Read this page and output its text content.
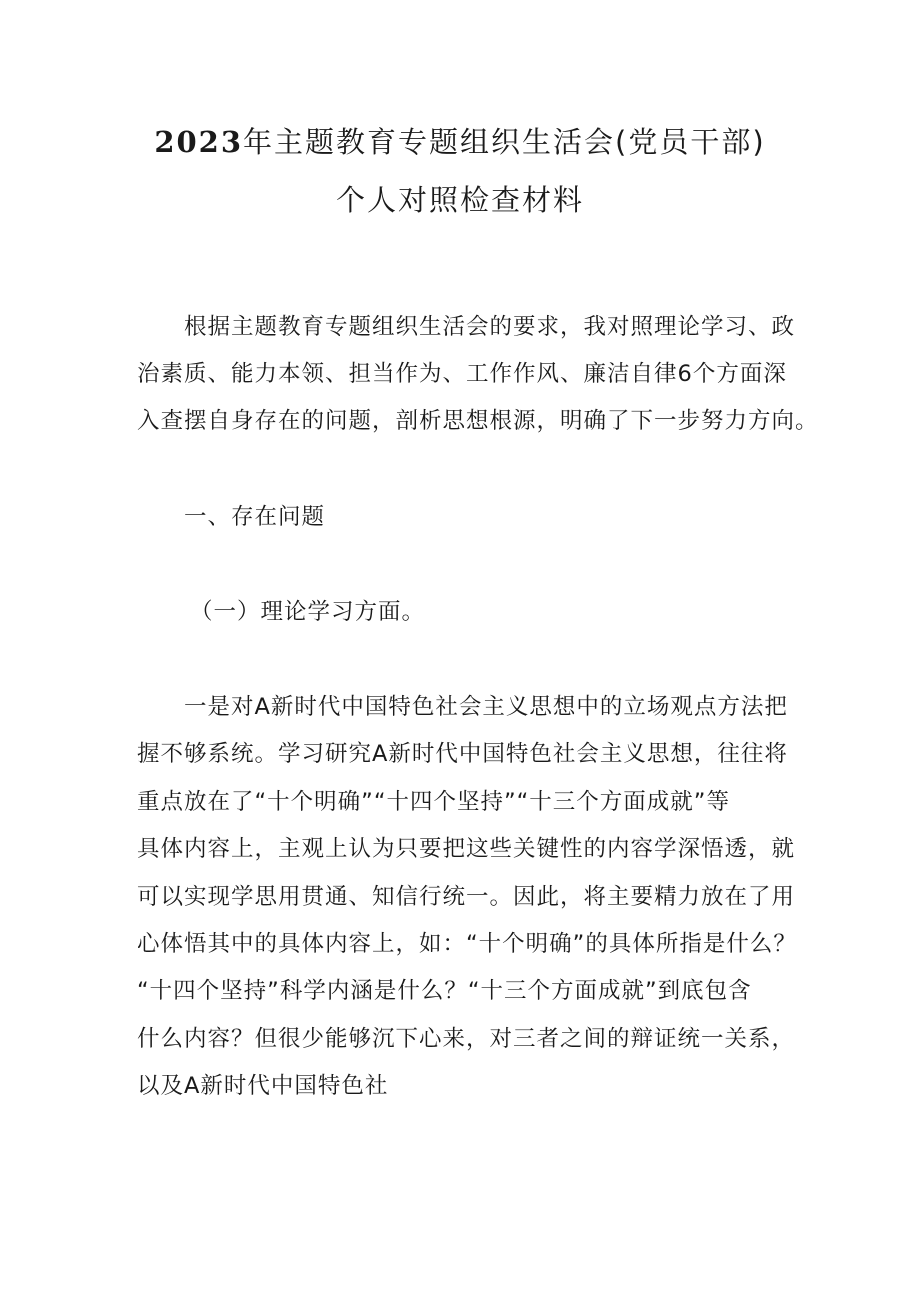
2023年主题教育专题组织生活会(党员干部)
个人对照检查材料
根据主题教育专题组织生活会的要求，我对照理论学习、政
治素质、能力本领、担当作为、工作作风、廉洁自律6个方面深
入查摆自身存在的问题，剖析思想根源，明确了下一步努力方向。
一、存在问题
（一）理论学习方面。
一是对A新时代中国特色社会主义思想中的立场观点方法把
握不够系统。学习研究A新时代中国特色社会主义思想，往往将
重点放在了“十个明确”“十四个坚持”“十三个方面成就”等
具体内容上，主观上认为只要把这些关键性的内容学深悟透，就
可以实现学思用贯通、知信行统一。因此，将主要精力放在了用
心体悟其中的具体内容上，如：“十个明确”的具体所指是什么？
“十四个坚持”科学内涵是什么？“十三个方面成就”到底包含
什么内容？但很少能够沉下心来，对三者之间的辩证统一关系，
以及A新时代中国特色社
